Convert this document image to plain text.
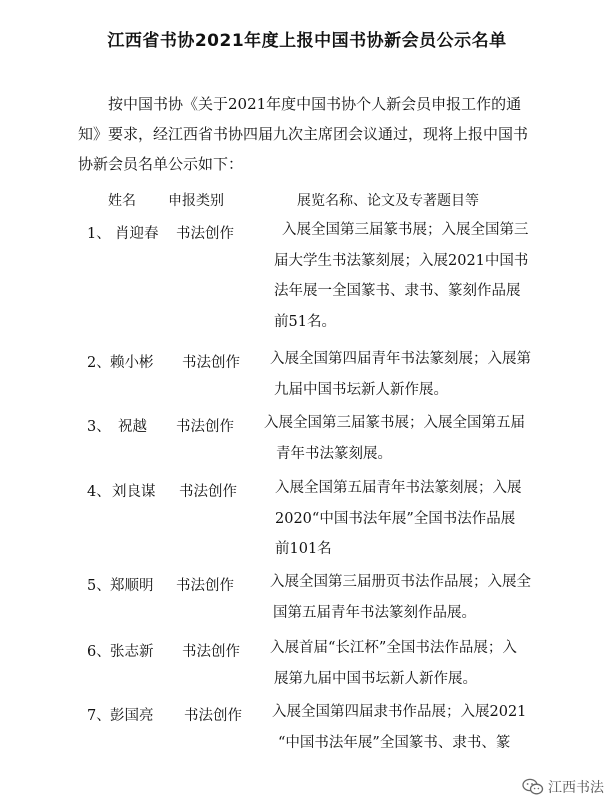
江西省书协2021年度上报中国书协新会员公示名单
按中国书协《关于2021年度中国书协个人新会员申报工作的通知》要求，经江西省书协四届九次主席团会议通过，现将上报中国书协新会员名单公示如下：
姓名 申报类别	展览名称、论文及专著题目等
1、 肖迎春 书法创作	入展全国第三届篆书展；入展全国第三
届大学生书法篆刻展；入展2021中国书
法年展一全国篆书、隶书、篆刻作品展
前51名。
2、 赖小彬 书法创作 入展全国第四届青年书法篆刻展；入展第
九届中国书坛新人新作展。
3、 祝越 书法创作 入展全国第三届篆书展；入展全国第五届
青年书法篆刻展。
4、 刘良谋 书法创作	入展全国第五届青年书法篆刻展；入展
2020“中国书法年展”全国书法作品展
前101名
5、 郑顺明 书法创作 入展全国第三届册页书法作品展；入展全
国第五届青年书法篆刻作品展。
6、 张志新 书法创作 入展首届“长江杯”全国书法作品展；入
展第九届中国书坛新人新作展。
7、 彭国亮 书法创作 入展全国第四届隶书作品展；入展2021
“中国书法年展”全国篆书、隶书、篆
江西书法
